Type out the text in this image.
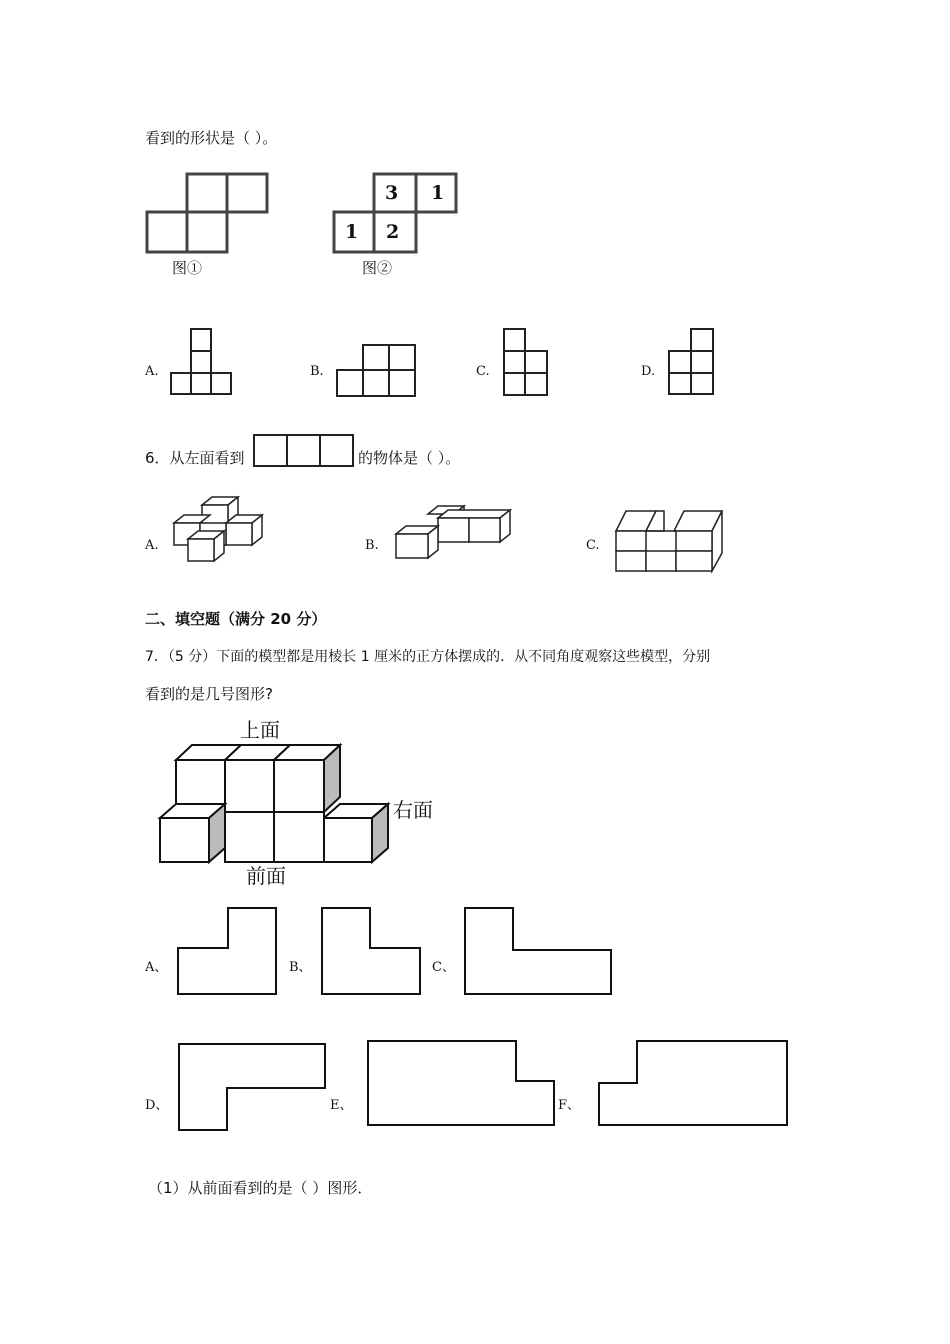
看到的形状是（ ）。
图①
3 1
1 2
图②
A.	B.	C.	D.
6．从左面看到	的物体是（ ）。
A.	B.	C.
二、填空题（满分 20 分）
7．（5 分）下面的模型都是用棱长 1 厘米的正方体摆成的．从不同角度观察这些模型，分别
看到的是几号图形?
上面
右面
前面
A、	B、	C、
D、	E、	F、
（1）从前面看到的是（ ）图形．
